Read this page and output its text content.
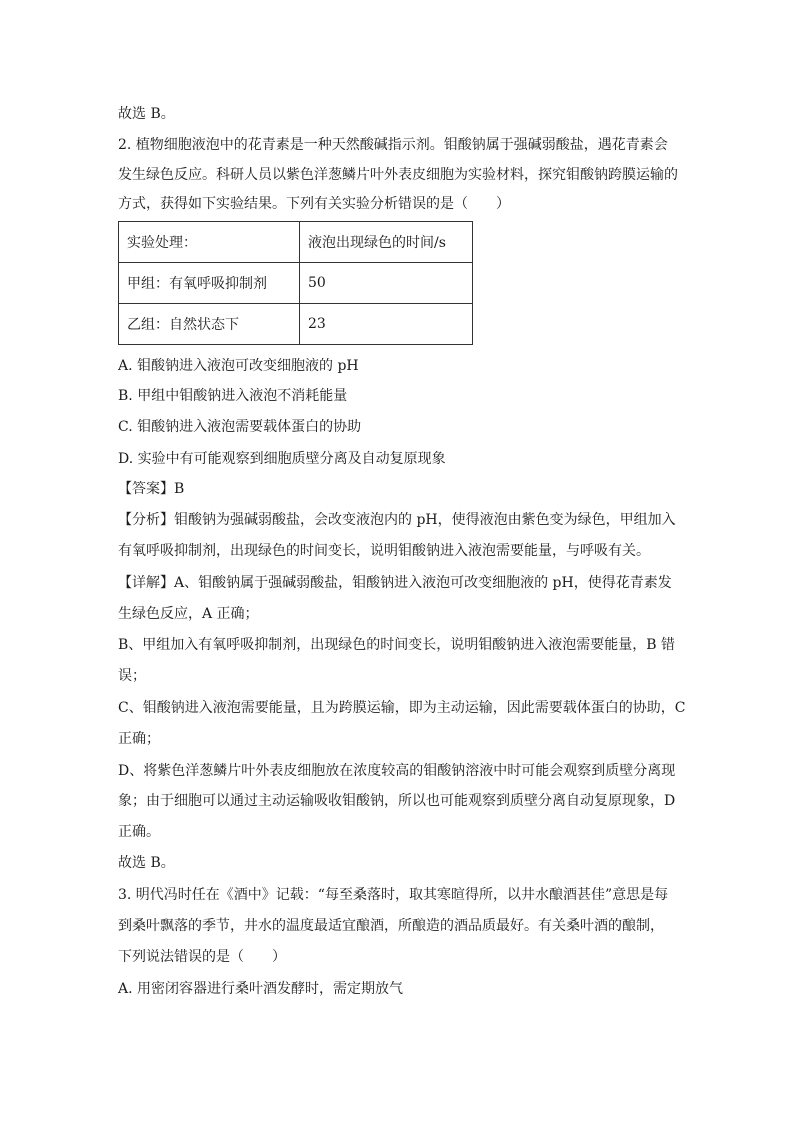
故选 B。
2. 植物细胞液泡中的花青素是一种天然酸碱指示剂。钼酸钠属于强碱弱酸盐，遇花青素会
发生绿色反应。科研人员以紫色洋葱鳞片叶外表皮细胞为实验材料，探究钼酸钠跨膜运输的
方式，获得如下实验结果。下列有关实验分析错误的是（　　）
实验处理：	液泡出现绿色的时间/s
甲组：有氧呼吸抑制剂	50
乙组：自然状态下	23
A. 钼酸钠进入液泡可改变细胞液的 pH
B. 甲组中钼酸钠进入液泡不消耗能量
C. 钼酸钠进入液泡需要载体蛋白的协助
D. 实验中有可能观察到细胞质壁分离及自动复原现象
【答案】B
【分析】钼酸钠为强碱弱酸盐，会改变液泡内的 pH，使得液泡由紫色变为绿色，甲组加入
有氧呼吸抑制剂，出现绿色的时间变长，说明钼酸钠进入液泡需要能量，与呼吸有关。
【详解】A、钼酸钠属于强碱弱酸盐，钼酸钠进入液泡可改变细胞液的 pH，使得花青素发
生绿色反应，A 正确；
B、甲组加入有氧呼吸抑制剂，出现绿色的时间变长，说明钼酸钠进入液泡需要能量，B 错
误；
C、钼酸钠进入液泡需要能量，且为跨膜运输，即为主动运输，因此需要载体蛋白的协助，C
正确；
D、将紫色洋葱鳞片叶外表皮细胞放在浓度较高的钼酸钠溶液中时可能会观察到质壁分离现
象；由于细胞可以通过主动运输吸收钼酸钠，所以也可能观察到质壁分离自动复原现象，D
正确。
故选 B。
3. 明代冯时任在《酒中》记载：“每至桑落时，取其寒暄得所，以井水酿酒甚佳”意思是每
到桑叶飘落的季节，井水的温度最适宜酿酒，所酿造的酒品质最好。有关桑叶酒的酿制，
下列说法错误的是（　　）
A. 用密闭容器进行桑叶酒发酵时，需定期放气
